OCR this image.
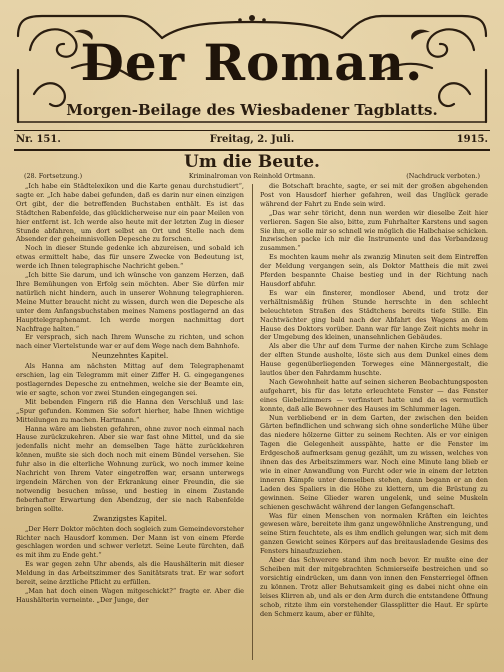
Der Roman.
Morgen-Beilage des Wiesbadener Tagblatts.
Freitag, 2. Juli.
Nr. 151.	1915.
Um die Beute.
Kriminalroman von Reinhold Ortmann.
(28. Fortsetzung.)	(Nachdruck verboten.)

„Ich habe ein Städtelexikon und die Karte genau durchstudiert“, sagte er. „Ich habe dabei gefunden, daß es darin nur einen einzigen Ort gibt, der die betreffenden Buchstaben enthält. Es ist das Städtchen Rabenfelde, das glücklicherweise nur ein paar Meilen von hier entfernt ist. Ich werde also heute mit der letzten Zug in dieser Stunde abfahren, um dort selbst an Ort und Stelle nach dem Absender der geheimnisvollen Depesche zu forschen.

Noch in dieser Stunde gedenke ich abzureisen, und sobald ich etwas ermittelt habe, das für unsere Zwecke von Bedeutung ist, werde ich Ihnen telegraphische Nachricht geben.“

„Ich bitte Sie darum, und ich wünsche von ganzem Herzen, daß Ihre Bemühungen von Erfolg sein möchten. Aber Sie dürfen mir natürlich nicht hindern, auch in unserer Wohnung telegraphieren. Meine Mutter braucht nicht zu wissen, durch wen die Depesche als unter dem Anfangsbuchstaben meines Namens postlagernd an das Haupttelegraphenamt. Ich werde morgen nachmittag dort Nachfrage halten.“

Er versprach, sich nach Ihrem Wunsche zu richten, und schon nach einer Viertelstunde war er auf dem Wege nach dem Bahnhofe.

Neunzehntes Kapitel.

Als Hanna am nächsten Mittag auf dem Telegraphenamt erschien, lag ein Telegramm mit einer Ziffer H. G. eingegangenes postlagerndes Depesche zu entnehmen, welche sie der Beamte ein, wie er sagte, schon vor zwei Stunden eingegangen sei.

Mit bebenden Fingern riß die Hanna den Verschluß und las: „Spur gefunden. Kommen Sie sofort hierher, habe Ihnen wichtige Mitteilungen zu machen. Hartmann.“

Hanna wäre am liebsten gefahren, ohne zuvor noch einmal nach Hause zurückzukehren. Aber sie war fast ohne Mittel, und da sie jedenfalls nicht mehr an demselben Tage hätte zurückkehren können, mußte sie sich doch noch mit einem Bündel versehen. Sie fuhr also in die elterliche Wohnung zurück, wo noch immer keine Nachricht von Ihrem Vater eingetroffen war, ersann unterwegs irgendein Märchen von der Erkrankung einer Freundin, die sie notwendig besuchen müsse, und bestieg in einem Zustande fieberhafter Erwartung den Abendzug, der sie nach Rabenfelde bringen sollte.

Zwanzigstes Kapitel.

„Der Herr Doktor möchten doch sogleich zum Gemeindevorsteher Richter nach Hausdorf kommen. Der Mann ist von einem Pferde geschlagen worden und schwer verletzt. Seine Leute fürchten, daß es mit ihm zu Ende geht.“

Es war gegen zehn Uhr abends, als die Haushälterin mit dieser Meldung in das Arbeitszimmer des Sanitätsrats trat. Er war sofort bereit, seine ärztliche Pflicht zu erfüllen.

„Man hat doch einen Wagen mitgeschickt?“ fragte er. Aber die Haushälterin verneinte. „Der Junge, der

die Botschaft brachte, sagte, er sei mit der großen abgehenden Post von Hausdorf hierher gefahren, weil das Unglück gerade während der Fahrt zu Ende sein wird.

„Das war sehr töricht, denn nun werden wir dieselbe Zeit hier verlieren. Sagen Sie also, bitte, zum Fuhrhalter Karstens und sagen Sie ihm, er solle mir so schnell wie möglich die Halbchaise schicken. Inzwischen packe ich mir die Instrumente und das Verbandzeug zusammen.“

Es mochten kaum mehr als zwanzig Minuten seit dem Eintreffen der Meldung vergangen sein, als Doktor Mattheis die mit zwei Pferden bespannte Chaise bestieg und in der Richtung nach Hausdorf abfuhr.

Es war ein finsterer, mondloser Abend, und trotz der verhältnismäßig frühen Stunde herrschte in den schlecht beleuchteten Straßen des Städtchens bereits tiefe Stille. Ein Nachtwächter ging bald nach der Abfahrt des Wagens an dem Hause des Doktors vorüber. Dann war für lange Zeit nichts mehr in der Umgebung des kleinen, unansehnlichen Gebäudes.

Als aber die Uhr auf dem Turme der nahen Kirche zum Schlage der elften Stunde ausholte, löste sich aus dem Dunkel eines dem Hause gegenüberliegenden Torweges eine Männergestalt, die lautlos über den Fahrdamm huschte.

Nach Gewohnheit hatte auf seinen sicheren Beobachtungsposten aufgeharrt, bis für das letzte erleuchtete Fenster — das Fenster eines Giebelzimmers — verfinstert hatte und da es vermutlich konnte, daß alle Bewohner des Hauses im Schlummer lagen.

Nun verbliebend er in dem Garten, der zwischen den beiden Gärten befindlichen und schwang sich ohne sonderliche Mühe über das niedere hölzerne Gitter zu seinem Rechten. Als er vor einigen Tagen die Gelegenheit ausspähte, hatte er die Fenster im Erdgeschoß aufmerksam genug gezählt, um zu wissen, welches von ihnen das des Arbeitszimmers war. Noch eine Minute lang blieb er wie in einer Anwandlung von Furcht oder wie in einem der letzten inneren Kämpfe unter demselben stehen, dann begann er an den Laden des Spaliers in die Höhe zu klettern, um die Brüstung zu gewinnen. Seine Glieder waren ungelenk, und seine Muskeln schienen geschwächt während der langen Gefangenschaft.

Was für einen Menschen von normalen Kräften ein leichtes gewesen wäre, bereitete ihm ganz ungewöhnliche Anstrengung, und seine Stirn feuchtete, als es ihm endlich gelungen war, sich mit dem ganzen Gewicht seines Körpers auf das breitausladende Gesims des Fensters hinaufzuziehen.

Aber das Schwerere stand ihm noch bevor. Er mußte eine der Scheiben mit der mitgebrachten Schmierseife bestreichen und so vorsichtig eindrücken, um dann von innen den Fensterriegel öffnen zu können. Trotz aller Behutsamkeit ging es dabei nicht ohne ein leises Klirren ab, und als er den Arm durch die entstandene Öffnung schob, ritzte ihm ein vorstehender Glassplitter die Haut. Er spürte den Schmerz kaum, aber er fühlte,
